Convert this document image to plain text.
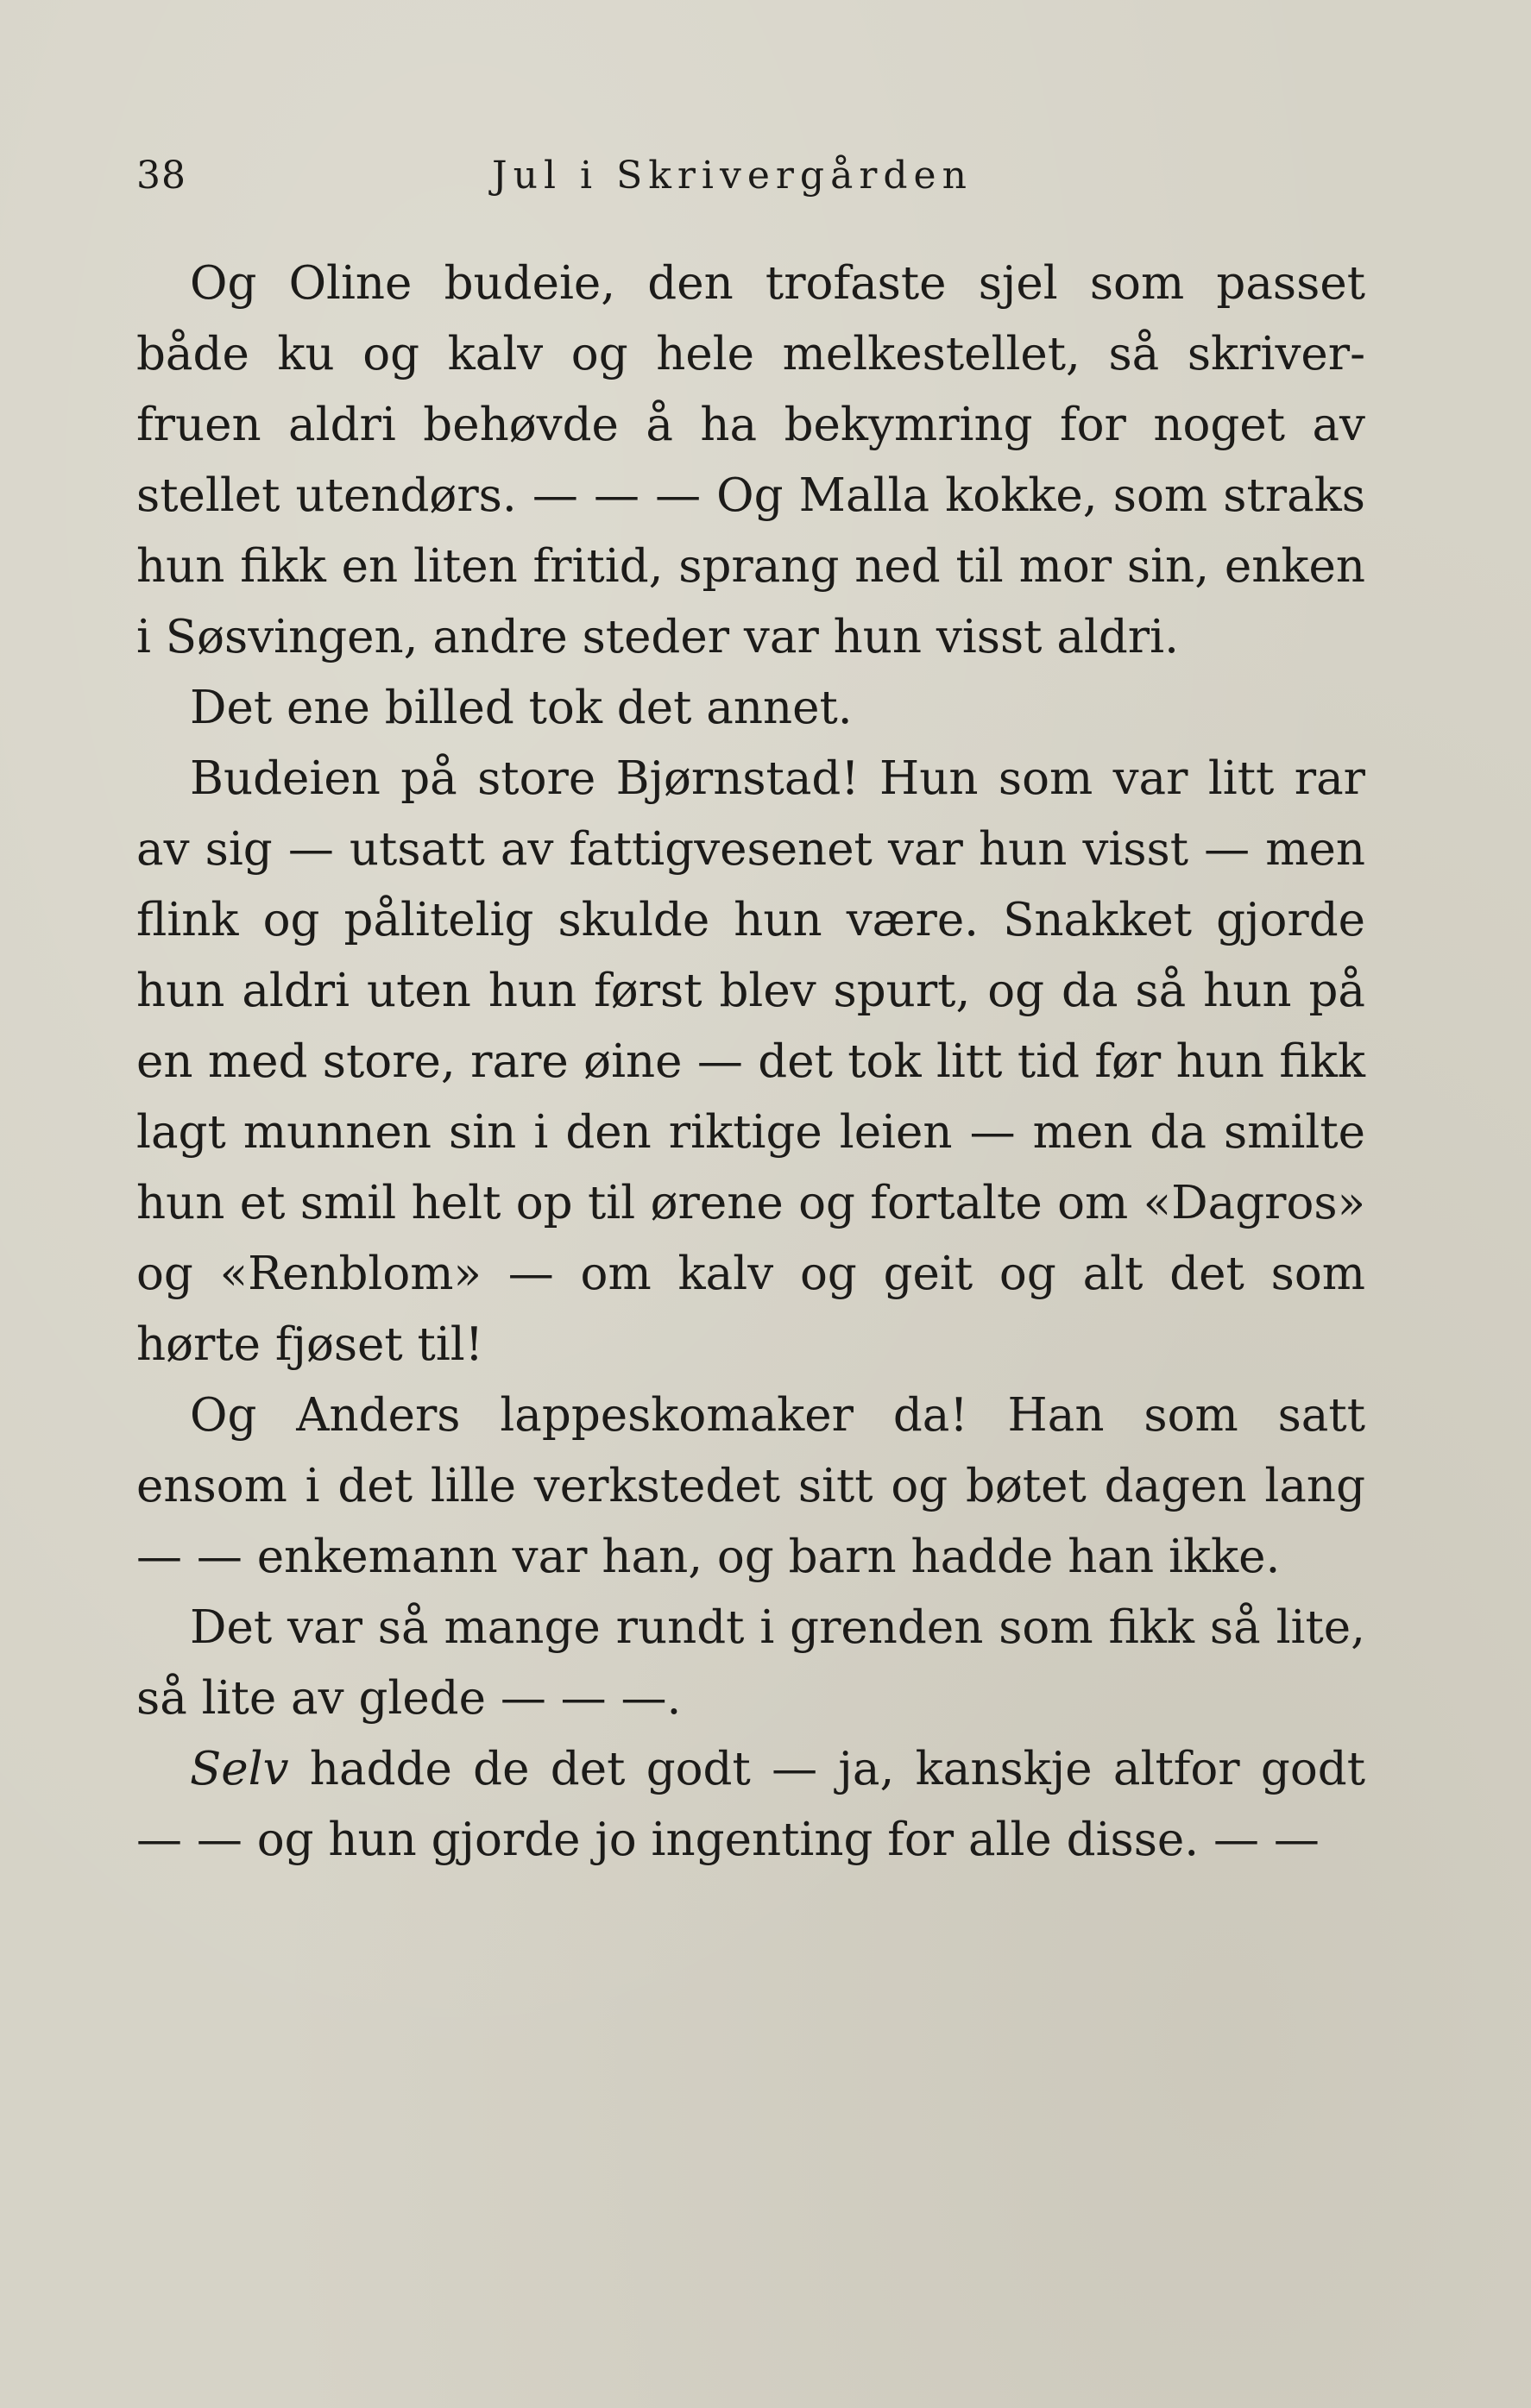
38	Jul i Skrivergården

Og Oline budeie, den trofaste sjel som passet både ku og kalv og hele melkestellet, så skriver-fruen aldri behøvde å ha bekymring for noget av stellet utendørs. — — — Og Malla kokke, som straks hun fikk en liten fritid, sprang ned til mor sin, enken i Søsvingen, andre steder var hun visst aldri.

Det ene billed tok det annet.

Budeien på store Bjørnstad! Hun som var litt rar av sig — utsatt av fattigvesenet var hun visst — men flink og pålitelig skulde hun være. Snakket gjorde hun aldri uten hun først blev spurt, og da så hun på en med store, rare øine — det tok litt tid før hun fikk lagt munnen sin i den riktige leien — men da smilte hun et smil helt op til ørene og fortalte om «Dagros» og «Renblom» — om kalv og geit og alt det som hørte fjøset til!

Og Anders lappeskomaker da! Han som satt ensom i det lille verkstedet sitt og bøtet dagen lang — — enkemann var han, og barn hadde han ikke.

Det var så mange rundt i grenden som fikk så lite, så lite av glede — — —.

Selv hadde de det godt — ja, kanskje altfor godt — — og hun gjorde jo ingenting for alle disse. — —
